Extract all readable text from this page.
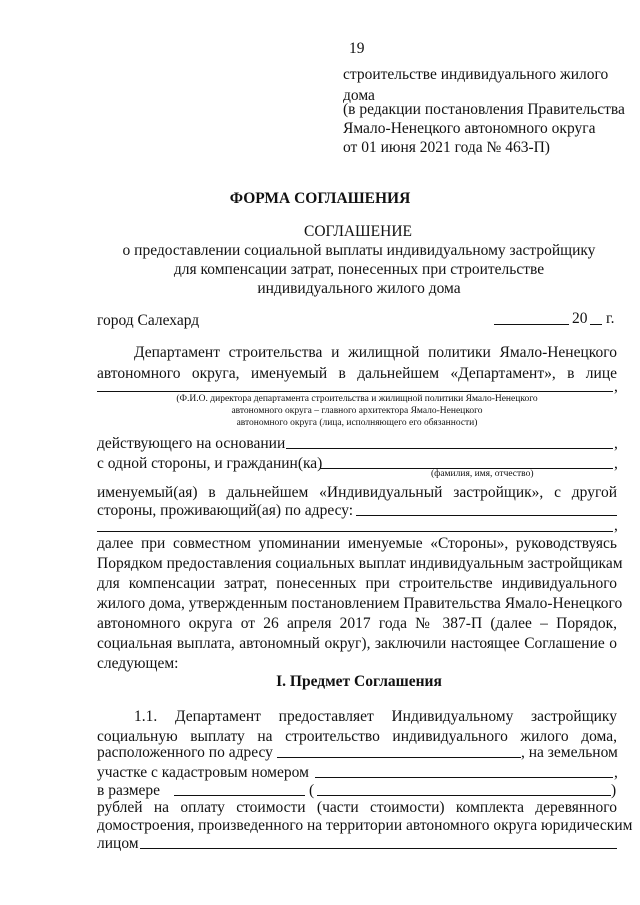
19
строительстве индивидуального жилого
дома
(в редакции постановления Правительства
Ямало-Ненецкого автономного округа
от 01 июня 2021 года № 463-П)
ФОРМА СОГЛАШЕНИЯ
СОГЛАШЕНИЕ
о предоставлении социальной выплаты индивидуальному застройщику
для компенсации затрат, понесенных при строительстве
индивидуального жилого дома
город Салехард	20 г.
Департамент строительства и жилищной политики Ямало-Ненецкого
автономного округа, именуемый в дальнейшем «Департамент», в лице
,
(Ф.И.О. директора департамента строительства и жилищной политики Ямало-Ненецкого
автономного округа – главного архитектора Ямало-Ненецкого
автономного округа (лица, исполняющего его обязанности)
действующего на основании	,
с одной стороны, и гражданин(ка)	,
(фамилия, имя, отчество)
именуемый(ая) в дальнейшем «Индивидуальный застройщик», с другой
стороны, проживающий(ая) по адресу:
,
далее при совместном упоминании именуемые «Стороны», руководствуясь
Порядком предоставления социальных выплат индивидуальным застройщикам
для компенсации затрат, понесенных при строительстве индивидуального
жилого дома, утвержденным постановлением Правительства Ямало-Ненецкого
автономного округа от 26 апреля 2017 года № 387-П (далее – Порядок,
социальная выплата, автономный округ), заключили настоящее Соглашение о
следующем:
I. Предмет Соглашения
1.1. Департамент предоставляет Индивидуальному застройщику
социальную выплату на строительство индивидуального жилого дома,
расположенного по адресу	, на земельном
участке с кадастровым номером	,
в размере	(	)
рублей на оплату стоимости (части стоимости) комплекта деревянного
домостроения, произведенного на территории автономного округа юридическим
лицом
